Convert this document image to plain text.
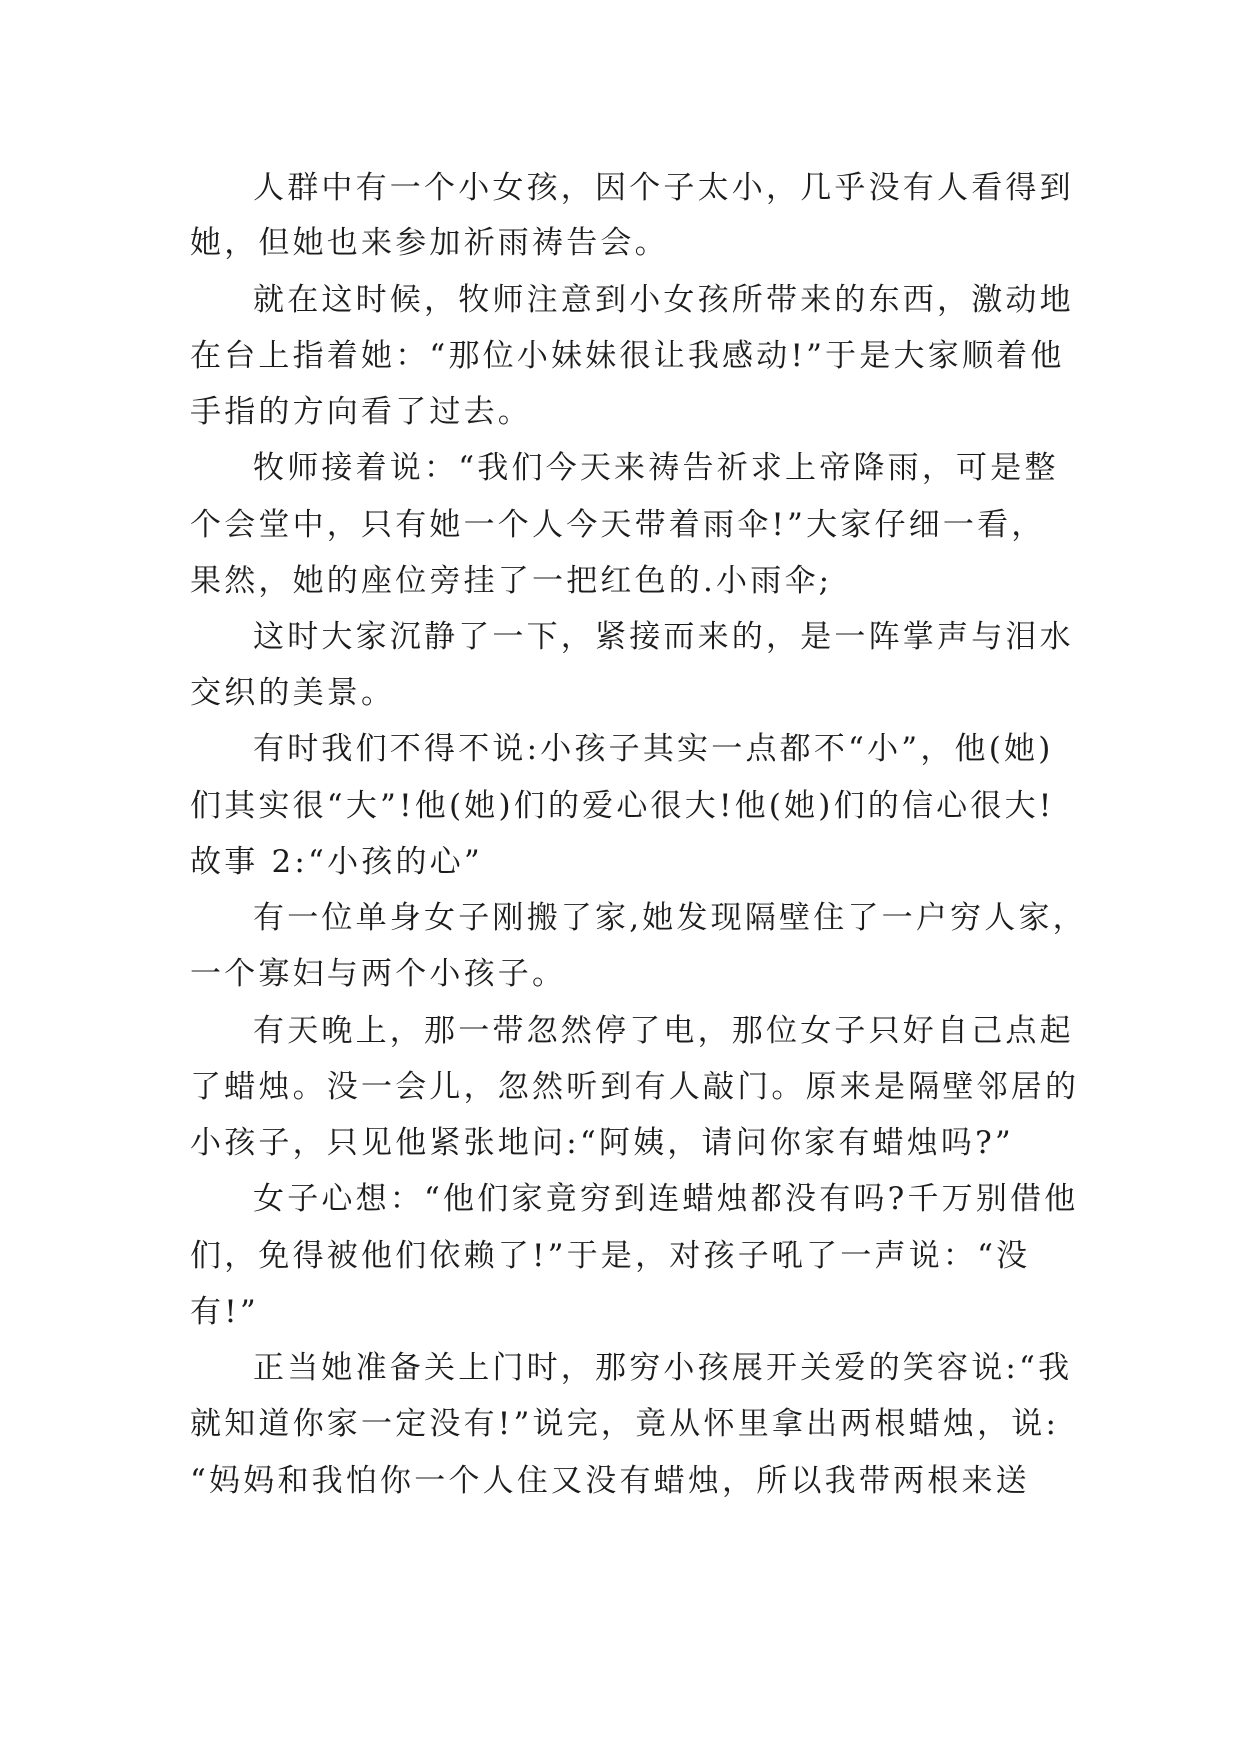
人群中有一个小女孩，因个子太小，几乎没有人看得到

她，但她也来参加祈雨祷告会。

就在这时候，牧师注意到小女孩所带来的东西，激动地

在台上指着她：“那位小妹妹很让我感动!”于是大家顺着他

手指的方向看了过去。

牧师接着说：“我们今天来祷告祈求上帝降雨，可是整

个会堂中，只有她一个人今天带着雨伞!”大家仔细一看，

果然，她的座位旁挂了一把红色的.小雨伞;

这时大家沉静了一下，紧接而来的，是一阵掌声与泪水

交织的美景。

有时我们不得不说:小孩子其实一点都不“小”，他(她)

们其实很“大”!他(她)们的爱心很大!他(她)们的信心很大!

故事 2:“小孩的心”

有一位单身女子刚搬了家,她发现隔壁住了一户穷人家，

一个寡妇与两个小孩子。

有天晚上，那一带忽然停了电，那位女子只好自己点起

了蜡烛。没一会儿，忽然听到有人敲门。原来是隔壁邻居的

小孩子，只见他紧张地问:“阿姨，请问你家有蜡烛吗?”

女子心想：“他们家竟穷到连蜡烛都没有吗?千万别借他

们，免得被他们依赖了!”于是，对孩子吼了一声说：“没

有!”

正当她准备关上门时，那穷小孩展开关爱的笑容说:“我

就知道你家一定没有!”说完，竟从怀里拿出两根蜡烛，说:

“妈妈和我怕你一个人住又没有蜡烛，所以我带两根来送
